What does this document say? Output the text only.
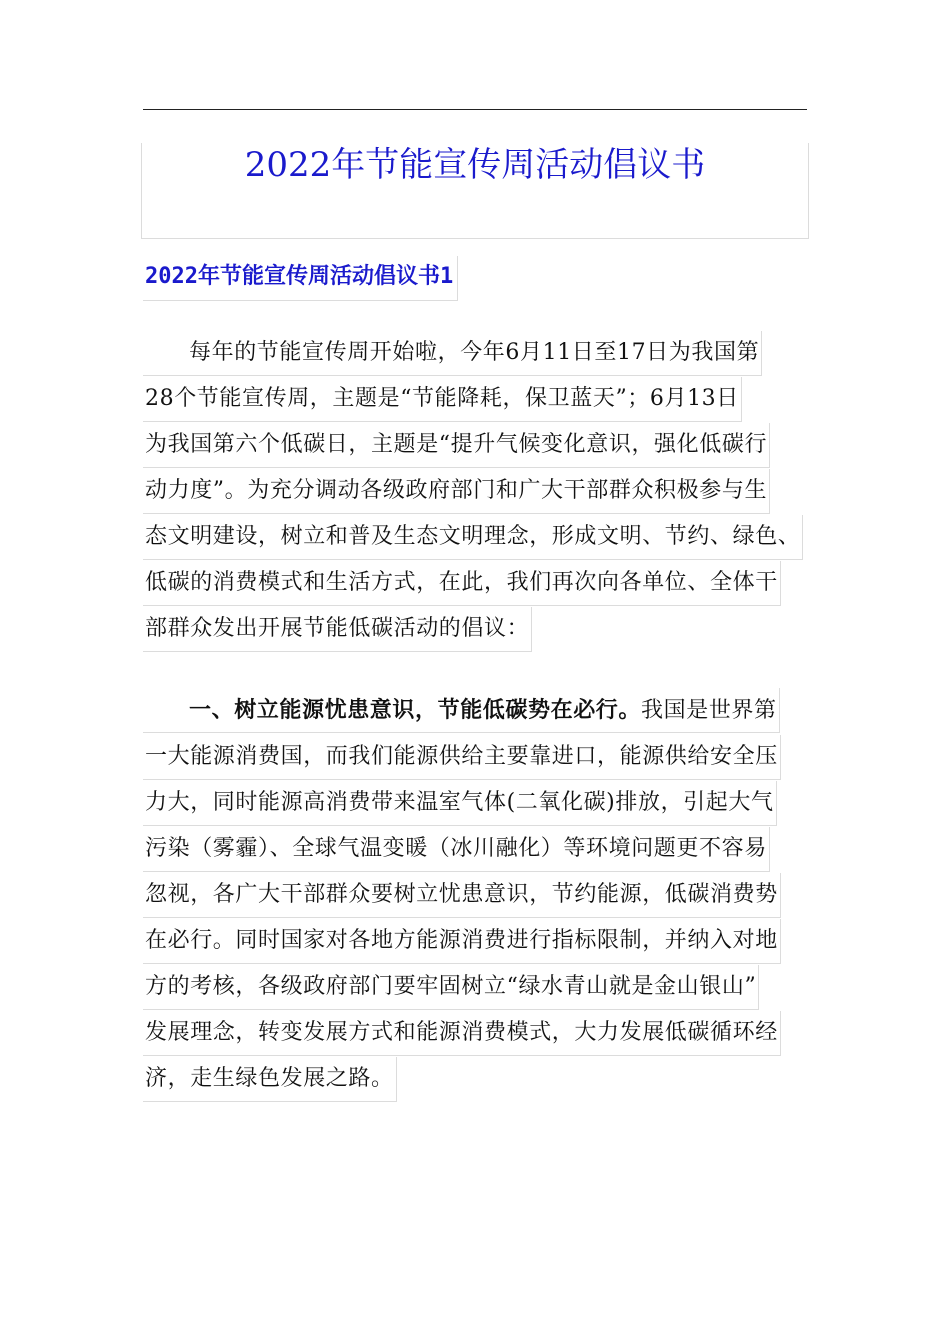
2022年节能宣传周活动倡议书
2022年节能宣传周活动倡议书1
每年的节能宣传周开始啦，今年6月11日至17日为我国第
28个节能宣传周，主题是“节能降耗，保卫蓝天”；6月13日
为我国第六个低碳日，主题是“提升气候变化意识，强化低碳行
动力度”。为充分调动各级政府部门和广大干部群众积极参与生
态文明建设，树立和普及生态文明理念，形成文明、节约、绿色、
低碳的消费模式和生活方式，在此，我们再次向各单位、全体干
部群众发出开展节能低碳活动的倡议：
一、树立能源忧患意识，节能低碳势在必行。我国是世界第
一大能源消费国，而我们能源供给主要靠进口，能源供给安全压
力大，同时能源高消费带来温室气体(二氧化碳)排放，引起大气
污染（雾霾）、全球气温变暖（冰川融化）等环境问题更不容易
忽视，各广大干部群众要树立忧患意识，节约能源，低碳消费势
在必行。同时国家对各地方能源消费进行指标限制，并纳入对地
方的考核，各级政府部门要牢固树立“绿水青山就是金山银山”
发展理念，转变发展方式和能源消费模式，大力发展低碳循环经
济，走生绿色发展之路。
